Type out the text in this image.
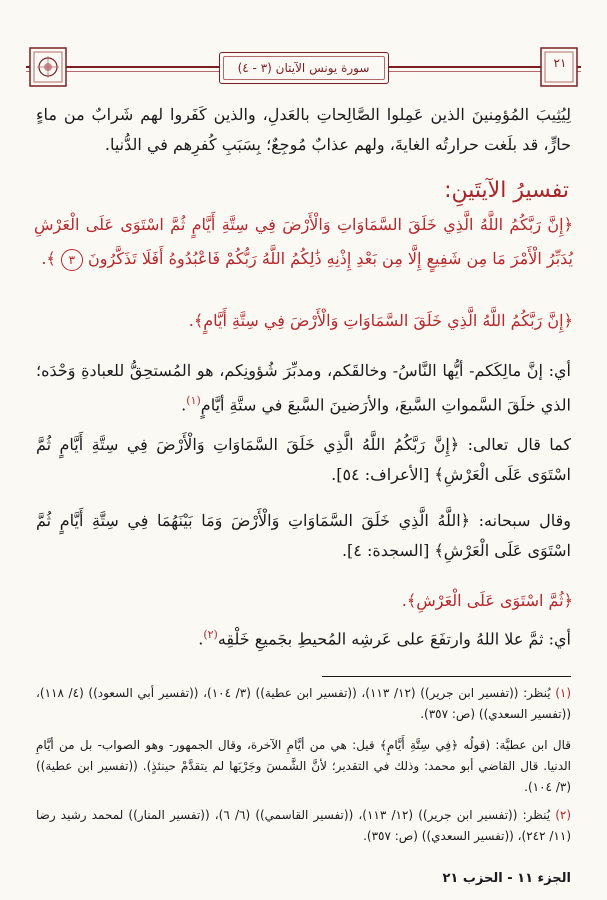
٢١
سورة يونس الآيتان (٣ - ٤)

لِيُثِيبَ المُؤمِنينَ الذين عَمِلوا الصَّالِحاتِ بالعَدلِ، والذين كَفَروا لهم شَرابٌ من ماءٍ حارٍّ، قد بلَغت حرارتُه الغايةَ، ولهم عذابٌ مُوجِعٌ؛ بِسَبَبِ كُفرِهم في الدُّنيا.

تفسيرُ الآيتَينِ:
﴿إِنَّ رَبَّكُمُ اللَّهُ الَّذِي خَلَقَ السَّمَاوَاتِ وَالْأَرْضَ فِي سِتَّةِ أَيَّامٍ ثُمَّ اسْتَوَى عَلَى الْعَرْشِ يُدَبِّرُ الْأَمْرَ مَا مِن شَفِيعٍ إِلَّا مِن بَعْدِ إِذْنِهِ ذَٰلِكُمُ اللَّهُ رَبُّكُمْ فَاعْبُدُوهُ أَفَلَا تَذَكَّرُونَ ٣ ﴾.
﴿إِنَّ رَبَّكُمُ اللَّهُ الَّذِي خَلَقَ السَّمَاوَاتِ وَالْأَرْضَ فِي سِتَّةِ أَيَّامٍ﴾.

أي: إنَّ مالِكَكم- أيُّها النَّاسُ- وخالقَكم، ومدبِّرَ شُؤونِكم، هو المُستحِقُّ للعبادةِ وَحْدَه؛ الذي خلَقَ السَّمواتِ السَّبعَ، والأرَضينَ السَّبعَ في ستَّةِ أيَّامٍ$^{(١)}$.

كما قال تعالى: ﴿إِنَّ رَبَّكُمُ اللَّهُ الَّذِي خَلَقَ السَّمَاوَاتِ وَالْأَرْضَ فِي سِتَّةِ أَيَّامٍ ثُمَّ اسْتَوَى عَلَى الْعَرْشِ﴾ [الأعراف: ٥٤].

وقال سبحانه: ﴿اللَّهُ الَّذِي خَلَقَ السَّمَاوَاتِ وَالْأَرْضَ وَمَا بَيْنَهُمَا فِي سِتَّةِ أَيَّامٍ ثُمَّ اسْتَوَى عَلَى الْعَرْشِ﴾ [السجدة: ٤].

﴿ثُمَّ اسْتَوَى عَلَى الْعَرْشِ﴾.

أي: ثمَّ علا اللهُ وارتفَعَ على عَرشِه المُحيطِ بجَميعِ خَلْقِه$^{(٢)}$.

(١) يُنظر: ((تفسير ابن جرير)) (١٢/ ١١٣)، ((تفسير ابن عطية)) (٣/ ١٠٤)، ((تفسير أبي السعود)) (٤/ ١١٨)، ((تفسير السعدي)) (ص: ٣٥٧).
قال ابن عطيَّة: (قولُه ﴿فِي سِتَّةِ أَيَّامٍ﴾ قيل: هي من أيَّامِ الآخرة، وقال الجمهور- وهو الصواب- بل من أيَّامِ الدنيا. قال القاضي أبو محمد: وذلك في التقدير؛ لأنَّ الشَّمسَ وجَرْيَها لم يتقدَّمْ حينئذٍ). ((تفسير ابن عطية)) (٣/ ١٠٤).
(٢) يُنظر: ((تفسير ابن جرير)) (١٢/ ١١٣)، ((تفسير القاسمي)) (٦/ ٦)، ((تفسير المنار)) لمحمد رشيد رضا (١١/ ٢٤٢)، ((تفسير السعدي)) (ص: ٣٥٧).
الجزء ١١ - الحزب ٢١
